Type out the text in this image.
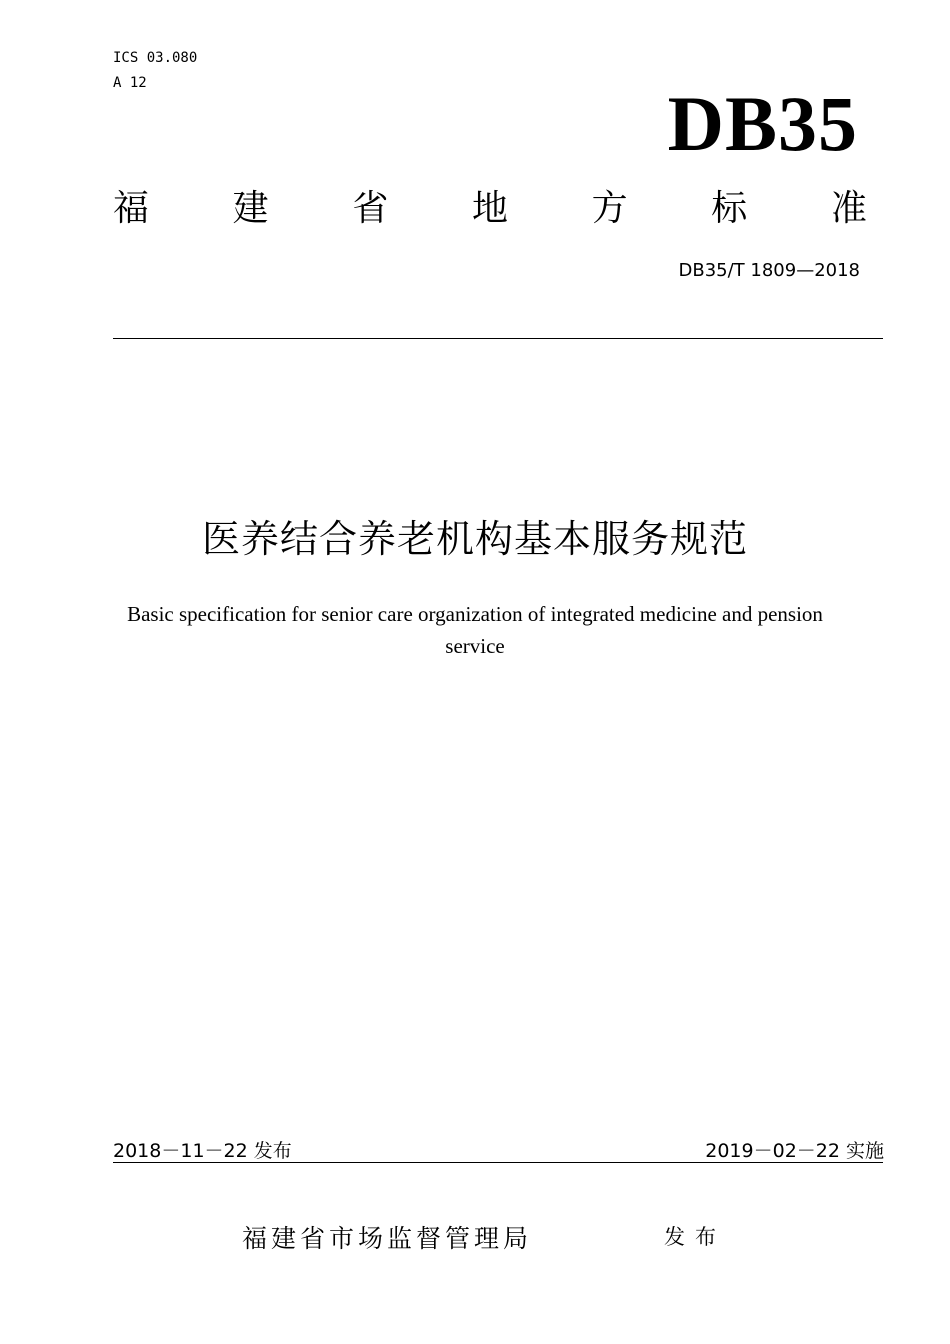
ICS 03.080
A 12	DB35
福 建 省 地 方 标 准
DB35/T 1809—2018
医养结合养老机构基本服务规范
Basic specification for senior care organization of integrated medicine and pension service
2018－11－22 发布	2019－02－22 实施
福建省市场监督管理局	发布
